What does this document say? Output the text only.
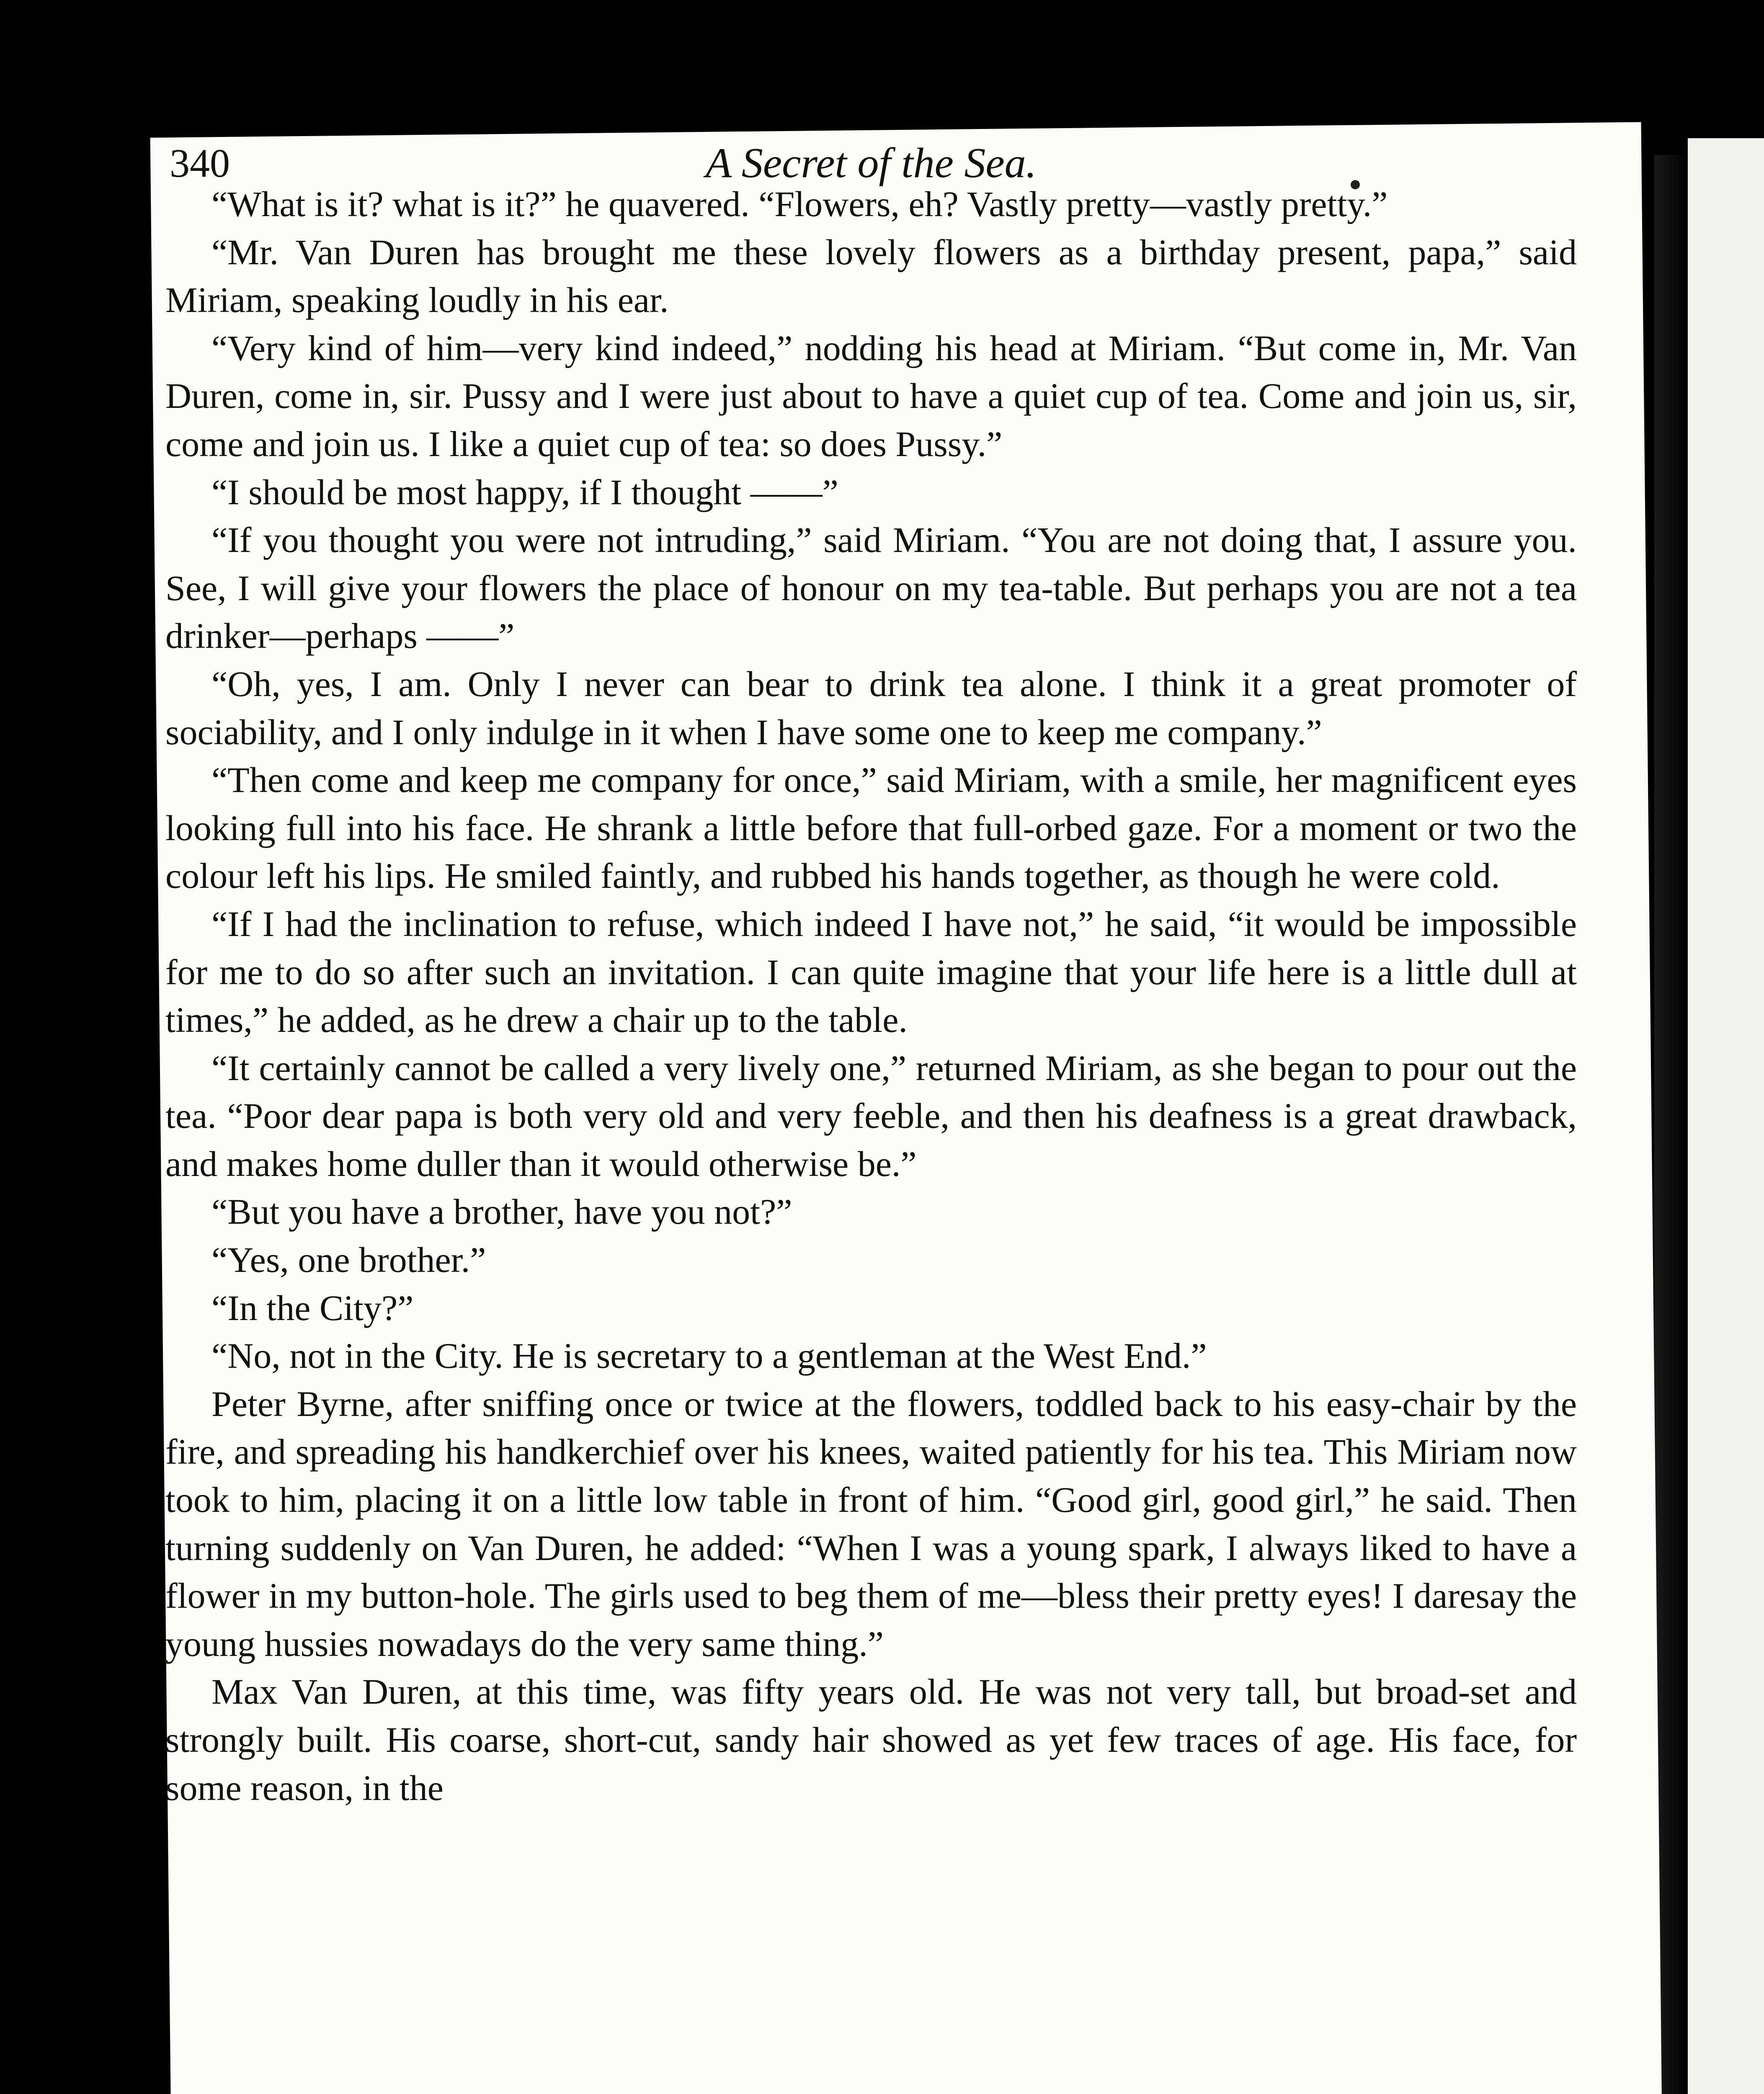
340	A Secret of the Sea.

“What is it? what is it?” he quavered. “Flowers, eh? Vastly pretty—vastly pretty.”

“Mr. Van Duren has brought me these lovely flowers as a birthday present, papa,” said Miriam, speaking loudly in his ear.

“Very kind of him—very kind indeed,” nodding his head at Miriam. “But come in, Mr. Van Duren, come in, sir. Pussy and I were just about to have a quiet cup of tea. Come and join us, sir, come and join us. I like a quiet cup of tea: so does Pussy.”

“I should be most happy, if I thought ——”

“If you thought you were not intruding,” said Miriam. “You are not doing that, I assure you. See, I will give your flowers the place of honour on my tea-table. But perhaps you are not a tea drinker—perhaps ——”

“Oh, yes, I am. Only I never can bear to drink tea alone. I think it a great promoter of sociability, and I only indulge in it when I have some one to keep me company.”

“Then come and keep me company for once,” said Miriam, with a smile, her magnificent eyes looking full into his face. He shrank a little before that full-orbed gaze. For a moment or two the colour left his lips. He smiled faintly, and rubbed his hands together, as though he were cold.

“If I had the inclination to refuse, which indeed I have not,” he said, “it would be impossible for me to do so after such an invitation. I can quite imagine that your life here is a little dull at times,” he added, as he drew a chair up to the table.

“It certainly cannot be called a very lively one,” returned Miriam, as she began to pour out the tea. “Poor dear papa is both very old and very feeble, and then his deafness is a great drawback, and makes home duller than it would otherwise be.”

“But you have a brother, have you not?”

“Yes, one brother.”

“In the City?”

“No, not in the City. He is secretary to a gentleman at the West End.”

Peter Byrne, after sniffing once or twice at the flowers, toddled back to his easy-chair by the fire, and spreading his handkerchief over his knees, waited patiently for his tea. This Miriam now took to him, placing it on a little low table in front of him. “Good girl, good girl,” he said. Then turning suddenly on Van Duren, he added: “When I was a young spark, I always liked to have a flower in my button-hole. The girls used to beg them of me—bless their pretty eyes! I daresay the young hussies nowadays do the very same thing.”

Max Van Duren, at this time, was fifty years old. He was not very tall, but broad-set and strongly built. His coarse, short-cut, sandy hair showed as yet few traces of age. His face, for some reason, in the
